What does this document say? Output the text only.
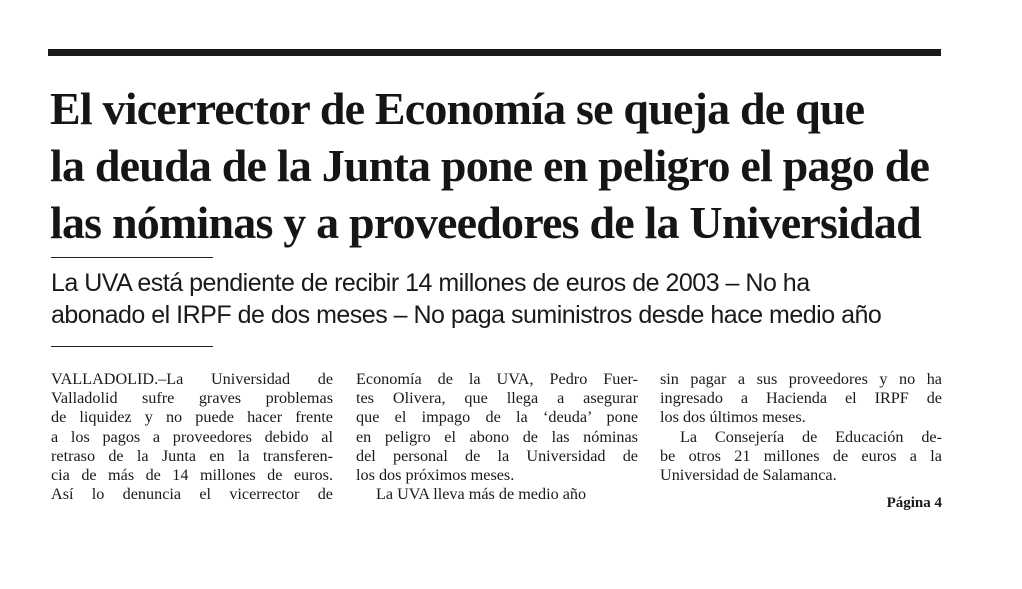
El vicerrector de Economía se queja de que
la deuda de la Junta pone en peligro el pago de
las nóminas y a proveedores de la Universidad
La UVA está pendiente de recibir 14 millones de euros de 2003 – No ha
abonado el IRPF de dos meses – No paga suministros desde hace medio año
VALLADOLID.–La Universidad de
Valladolid sufre graves problemas
de liquidez y no puede hacer frente
a los pagos a proveedores debido al
retraso de la Junta en la transferen-
cia de más de 14 millones de euros.
Así lo denuncia el vicerrector de
Economía de la UVA, Pedro Fuer-
tes Olivera, que llega a asegurar
que el impago de la ‘deuda’ pone
en peligro el abono de las nóminas
del personal de la Universidad de
los dos próximos meses.
La UVA lleva más de medio año
sin pagar a sus proveedores y no ha
ingresado a Hacienda el IRPF de
los dos últimos meses.
La Consejería de Educación de-
be otros 21 millones de euros a la
Universidad de Salamanca.
Página 4
